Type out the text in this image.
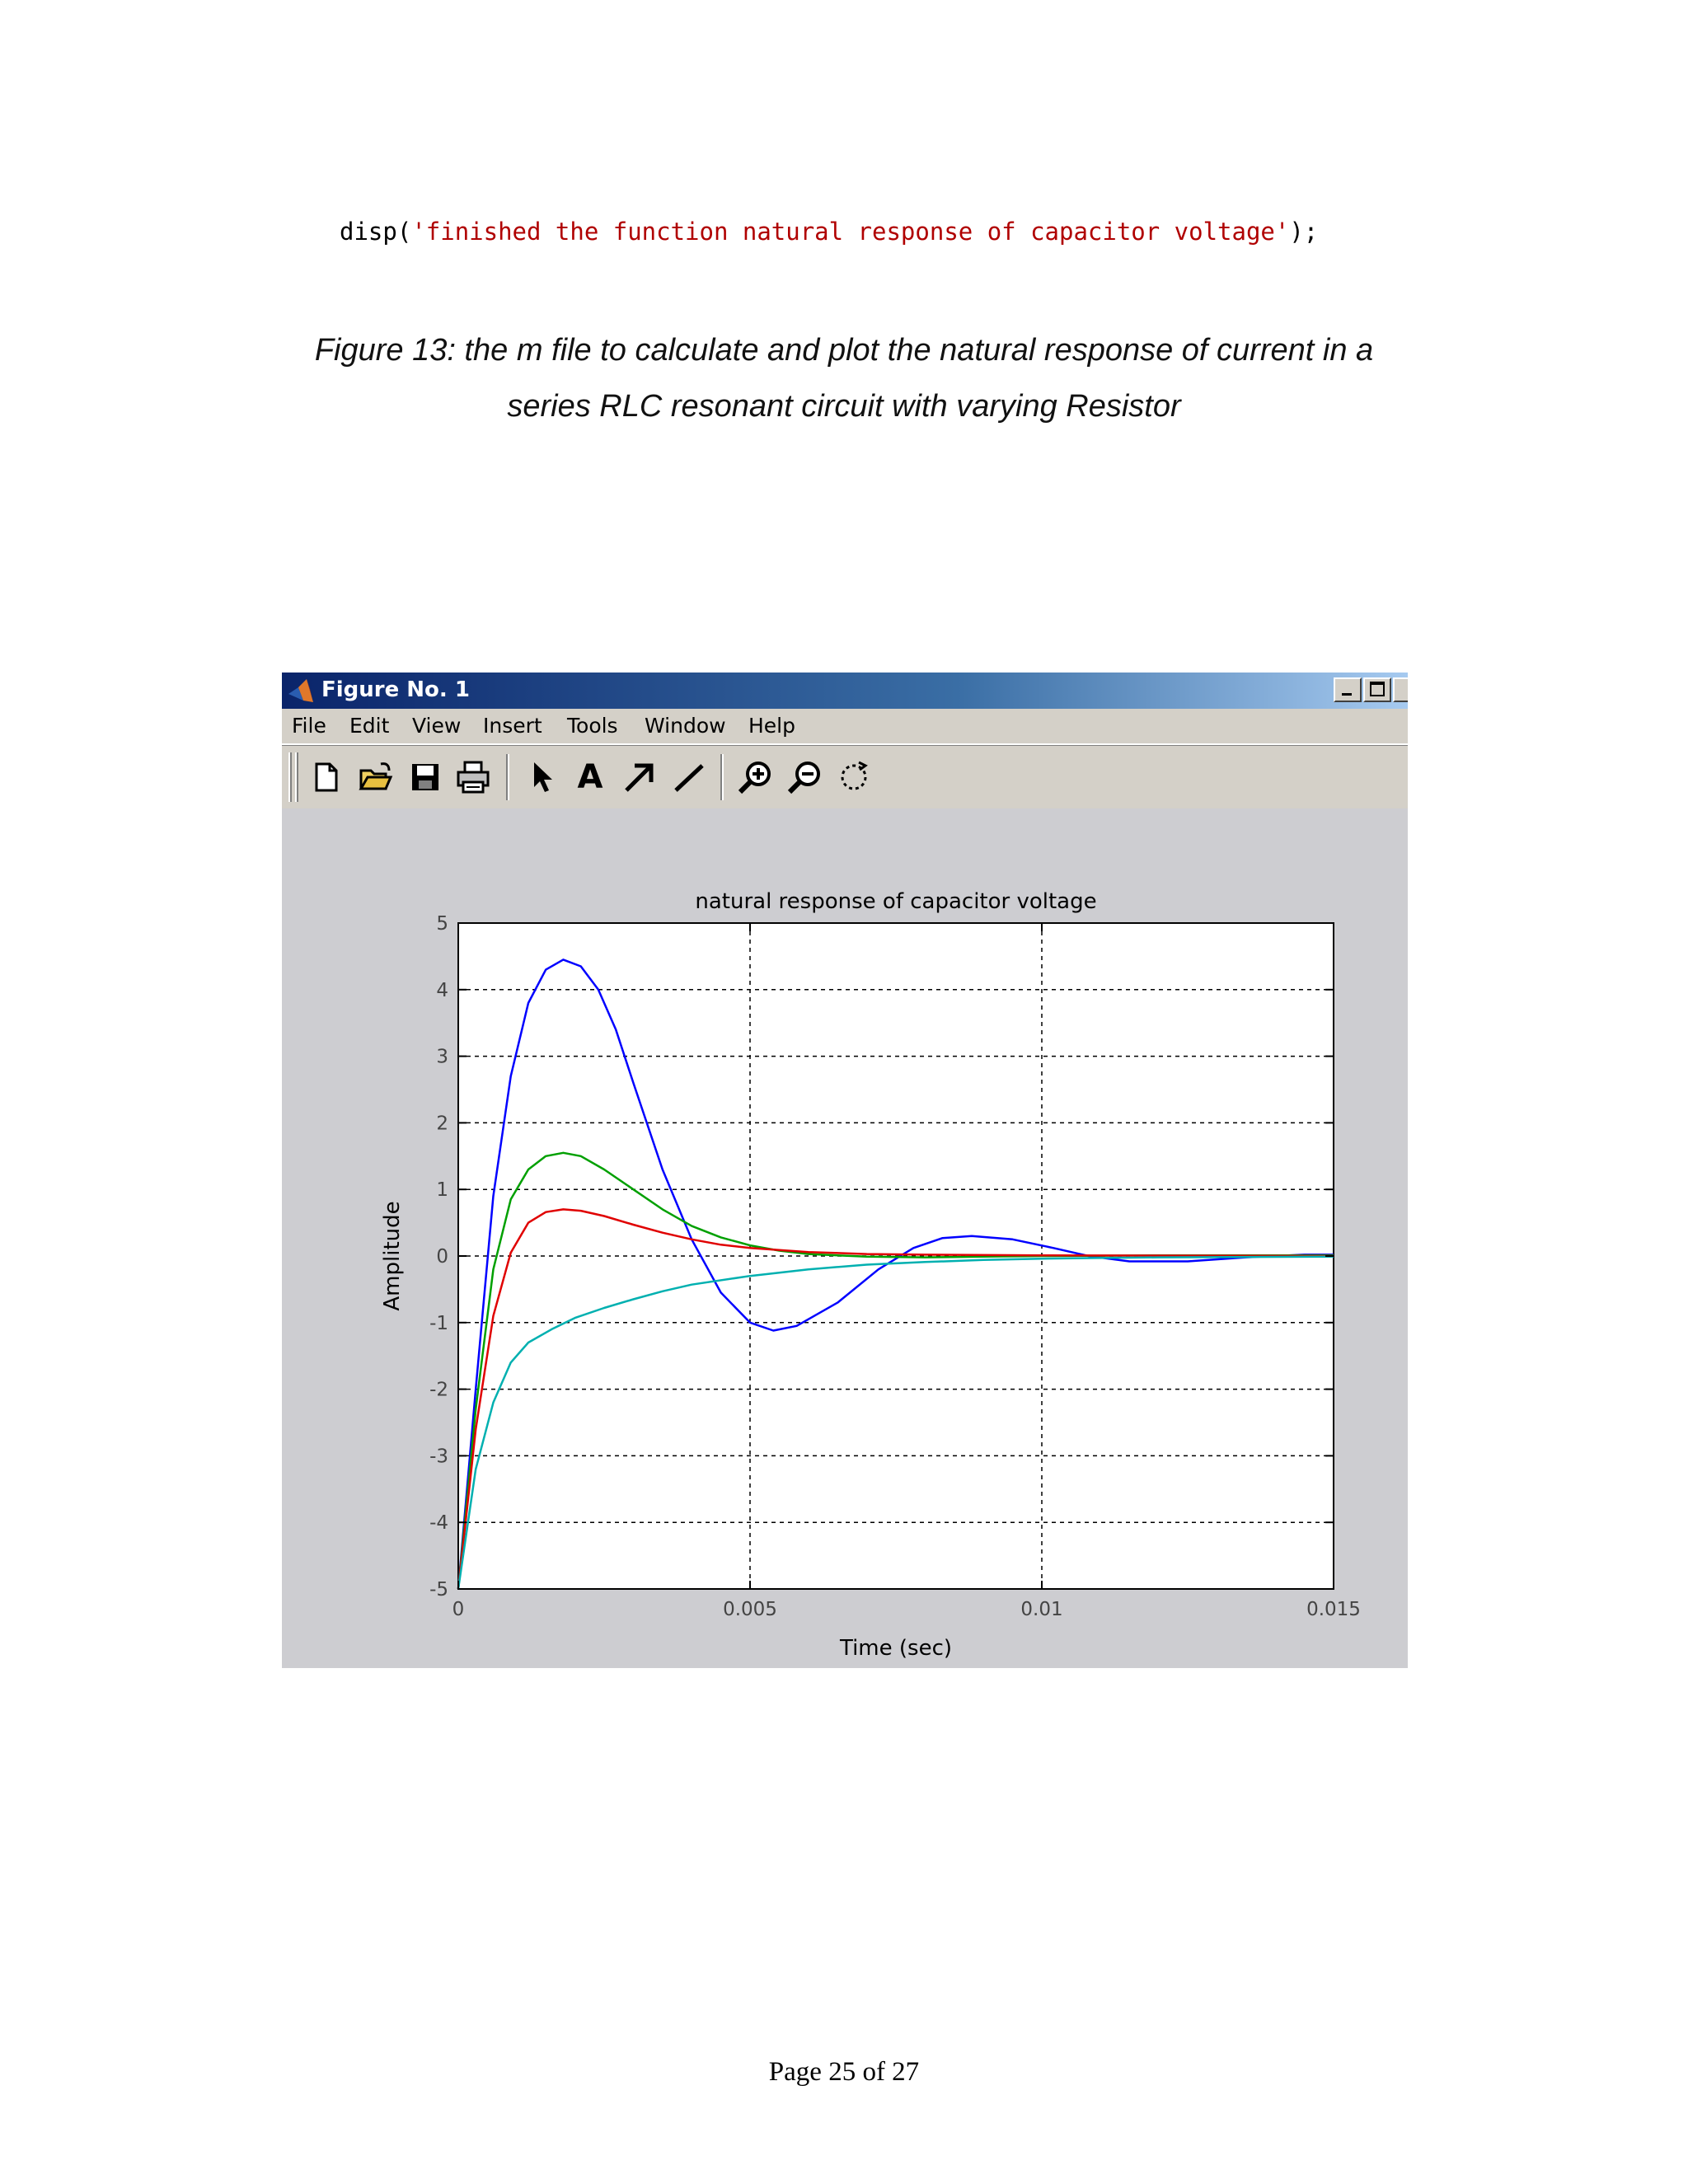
disp('finished the function natural response of capacitor voltage');
Figure 13: the m file to calculate and plot the natural response of current in a
series RLC resonant circuit with varying Resistor
Figure No. 1
File Edit View Insert Tools Window Help
A
natural response of capacitor voltage
-5
-4
-3
-2
-1
0
1
2
3
4
5
0	0.005	0.01	0.015
Time (sec)
Amplitude
Page 25 of 27
